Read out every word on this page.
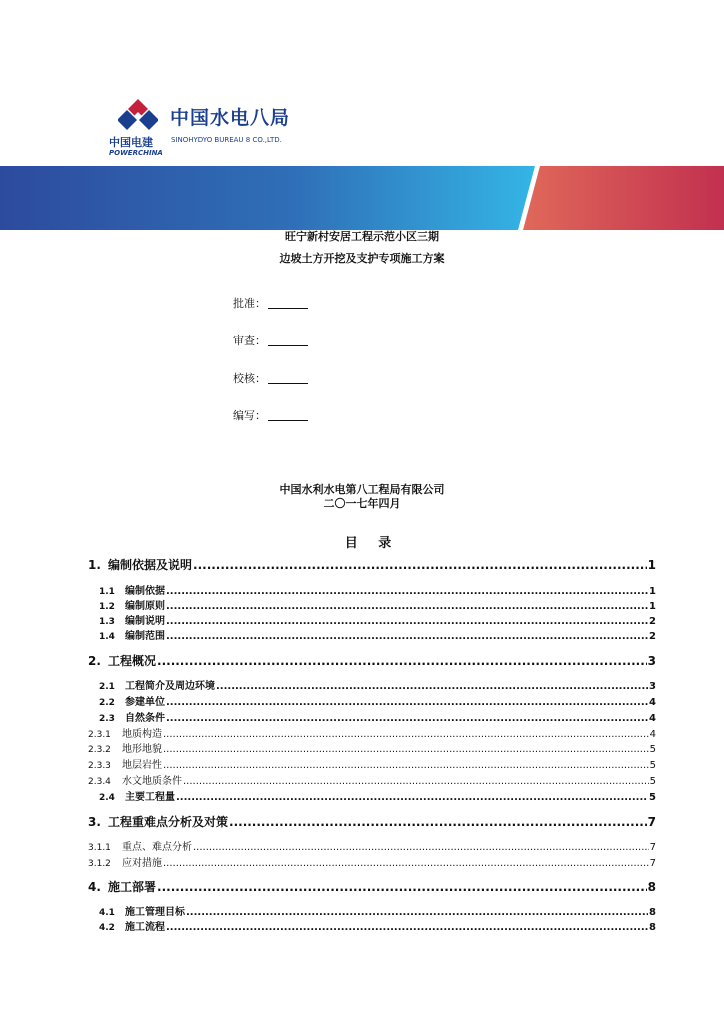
中国水电八局
SINOHYDYO BUREAU 8 CO.,LTD.
中国电建
POWERCHINA
旺宁新村安居工程示范小区三期
边坡土方开挖及支护专项施工方案
批准：
审查：
校核：
编写：
中国水利水电第八工程局有限公司
二〇一七年四月
目 录
1. 编制依据及说明 .....	1
1.1	编制依据 .....	1
1.2	编制原则 .....	1
1.3	编制说明 .....	2
1.4	编制范围 .....	2
2. 工程概况 .....	3
2.1	工程简介及周边环境 .....	3
2.2	参建单位 .....	4
2.3	自然条件 .....	4
2.3.1	地质构造 .....	4
2.3.2	地形地貌 .....	5
2.3.3	地层岩性 .....	5
2.3.4	水文地质条件 .....	5
2.4	主要工程量 .....	5
3. 工程重难点分析及对策 .....	7
3.1.1	重点、难点分析 .....	7
3.1.2	应对措施 .....	7
4. 施工部署 .....	8
4.1	施工管理目标 .....	8
4.2	施工流程 .....	8
